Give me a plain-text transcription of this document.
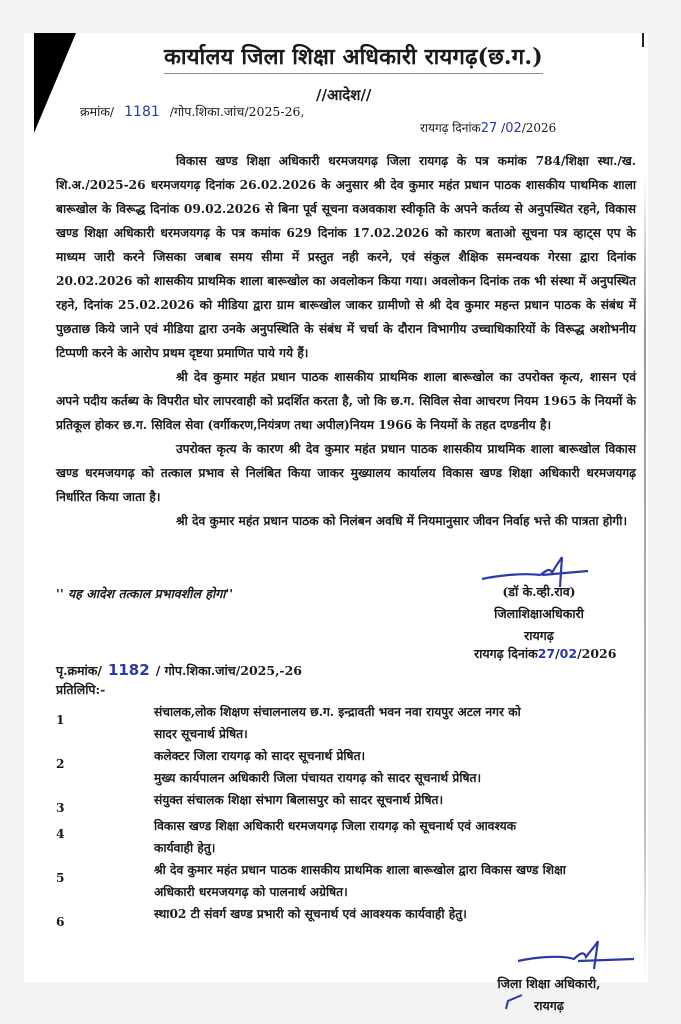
कार्यालय जिला शिक्षा अधिकारी रायगढ़(छ.ग.)
//आदेश//
क्रमांक/ 1181 /गोप.शिका.जांच/2025-26,
रायगढ़ दिनांक27 /02/2026

विकास खण्ड शिक्षा अधिकारी धरमजयगढ़ जिला रायगढ़ के पत्र कमांक 784/शिक्षा स्था./ख. शि.अ./2025-26 धरमजयगढ़ दिनांक 26.02.2026 के अनुसार श्री देव कुमार महंत प्रधान पाठक शासकीय पाथमिक शाला बारूखोल के विरूद्ध दिनांक 09.02.2026 से बिना पूर्व सूचना वअवकाश स्वीकृति के अपने कर्तव्य से अनुपस्थित रहने, विकास खण्ड शिक्षा अधिकारी धरमजयगढ़ के पत्र कमांक 629 दिनांक 17.02.2026 को कारण बताओ सूचना पत्र व्हाट्स एप के माध्यम जारी करने जिसका जबाब समय सीमा में प्रस्तुत नही करने, एवं संकुल शैक्षिक समन्वयक गेरसा द्वारा दिनांक 20.02.2026 को शासकीय प्राथमिक शाला बारूखोल का अवलोकन किया गया। अवलोकन दिनांक तक भी संस्था में अनुपस्थित रहने, दिनांक 25.02.2026 को मीडिया द्वारा ग्राम बारूखोल जाकर ग्रामीणो से श्री देव कुमार महन्त प्रधान पाठक के संबंध में पुछताछ किये जाने एवं मीडिया द्वारा उनके अनुपस्थिति के संबंध में चर्चा के दौरान विभागीय उच्चाधिकारियों के विरूद्ध अशोभनीय टिप्पणी करने के आरोप प्रथम दृष्टया प्रमाणित पाये गये हैं।

श्री देव कुमार महंत प्रधान पाठक शासकीय प्राथमिक शाला बारूखोल का उपरोक्त कृत्य, शासन एवं अपने पदीय कर्तब्य के विपरीत घोर लापरवाही को प्रदर्शित करता है, जो कि छ.ग. सिविल सेवा आचरण नियम 1965 के नियमों के प्रतिकूल होकर छ.ग. सिविल सेवा (वर्गीकरण,नियंत्रण तथा अपील)नियम 1966 के नियमों के तहत दण्डनीय है।

उपरोक्त कृत्य के कारण श्री देव कुमार महंत प्रधान पाठक शासकीय प्राथमिक शाला बारूखोल विकास खण्ड धरमजयगढ़ को तत्काल प्रभाव से निलंबित किया जाकर मुख्यालय कार्यालय विकास खण्ड शिक्षा अधिकारी धरमजयगढ़ निर्धारित किया जाता है।

श्री देव कुमार महंत प्रधान पाठक को निलंबन अवधि में नियमानुसार जीवन निर्वाह भत्ते की पात्रता होगी।

'' यह आदेश तत्काल प्रभावशील होगा''	(डॉ के.व्ही.राव)
जिलाशिक्षाअधिकारी
रायगढ़
पृ.क्रमांक/ 1182 / गोप.शिका.जांच/2025,-26
रायगढ़ दिनांक27/02/2026
प्रतिलिपि:-
1
संचालक,लोक शिक्षण संचालनालय छ.ग. इन्द्रावती भवन नवा रायपुर अटल नगर को
सादर सूचनार्थ प्रेषित।
2
कलेक्टर जिला रायगढ़ को सादर सूचनार्थ प्रेषित।
मुख्य कार्यपालन अधिकारी जिला पंचायत रायगढ़ को सादर सूचनार्थ प्रेषित।
3
संयुक्त संचालक शिक्षा संभाग बिलासपुर को सादर सूचनार्थ प्रेषित।
4
विकास खण्ड शिक्षा अधिकारी धरमजयगढ़ जिला रायगढ़ को सूचनार्थ एवं आवश्यक
कार्यवाही हेतु।
5
श्री देव कुमार महंत प्रधान पाठक शासकीय प्राथमिक शाला बारूखोल द्वारा विकास खण्ड शिक्षा
अधिकारी धरमजयगढ़ को पालनार्थ अग्रेषित।
6
स्था02 टी संवर्ग खण्ड प्रभारी को सूचनार्थ एवं आवश्यक कार्यवाही हेतु।
जिला शिक्षा अधिकारी,
रायगढ़
